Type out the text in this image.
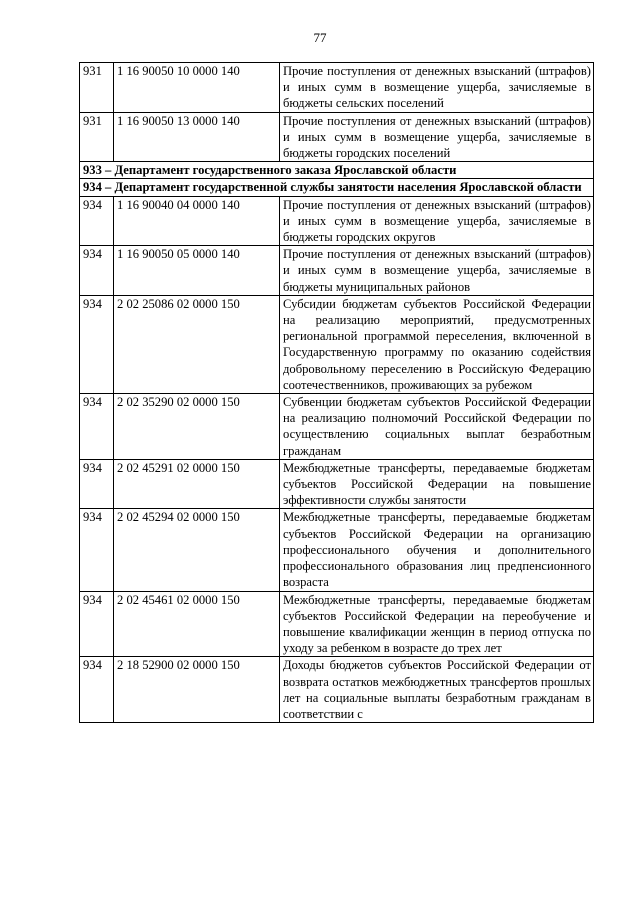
77
931	1 16 90050 10 0000 140	Прочие поступления от денежных взысканий (штрафов) и иных сумм в возмещение ущерба, зачисляемые в бюджеты сельских поселений
931	1 16 90050 13 0000 140	Прочие поступления от денежных взысканий (штрафов) и иных сумм в возмещение ущерба, зачисляемые в бюджеты городских поселений

933 – Департамент государственного заказа Ярославской области		

934 – Департамент государственной службы занятости населения Ярославской области		

934	1 16 90040 04 0000 140	Прочие поступления от денежных взысканий (штрафов) и иных сумм в возмещение ущерба, зачисляемые в бюджеты городских округов
934	1 16 90050 05 0000 140	Прочие поступления от денежных взысканий (штрафов) и иных сумм в возмещение ущерба, зачисляемые в бюджеты муниципальных районов
934	2 02 25086 02 0000 150	Субсидии бюджетам субъектов Российской Федерации на реализацию мероприятий, предусмотренных региональной программой переселения, включенной в Государственную программу по оказанию содействия добровольному переселению в Российскую Федерацию соотечественников, проживающих за рубежом
934	2 02 35290 02 0000 150	Субвенции бюджетам субъектов Российской Федерации на реализацию полномочий Российской Федерации по осуществлению социальных выплат безработным гражданам
934	2 02 45291 02 0000 150	Межбюджетные трансферты, передаваемые бюджетам субъектов Российской Федерации на повышение эффективности службы занятости
934	2 02 45294 02 0000 150	Межбюджетные трансферты, передаваемые бюджетам субъектов Российской Федерации на организацию профессионального обучения и дополнительного профессионального образования лиц предпенсионного возраста
934	2 02 45461 02 0000 150	Межбюджетные трансферты, передаваемые бюджетам субъектов Российской Федерации на переобучение и повышение квалификации женщин в период отпуска по уходу за ребенком в возрасте до трех лет
934	2 18 52900 02 0000 150	Доходы бюджетов субъектов Российской Федерации от возврата остатков межбюджетных трансфертов прошлых лет на социальные выплаты безработным гражданам в соответствии с
